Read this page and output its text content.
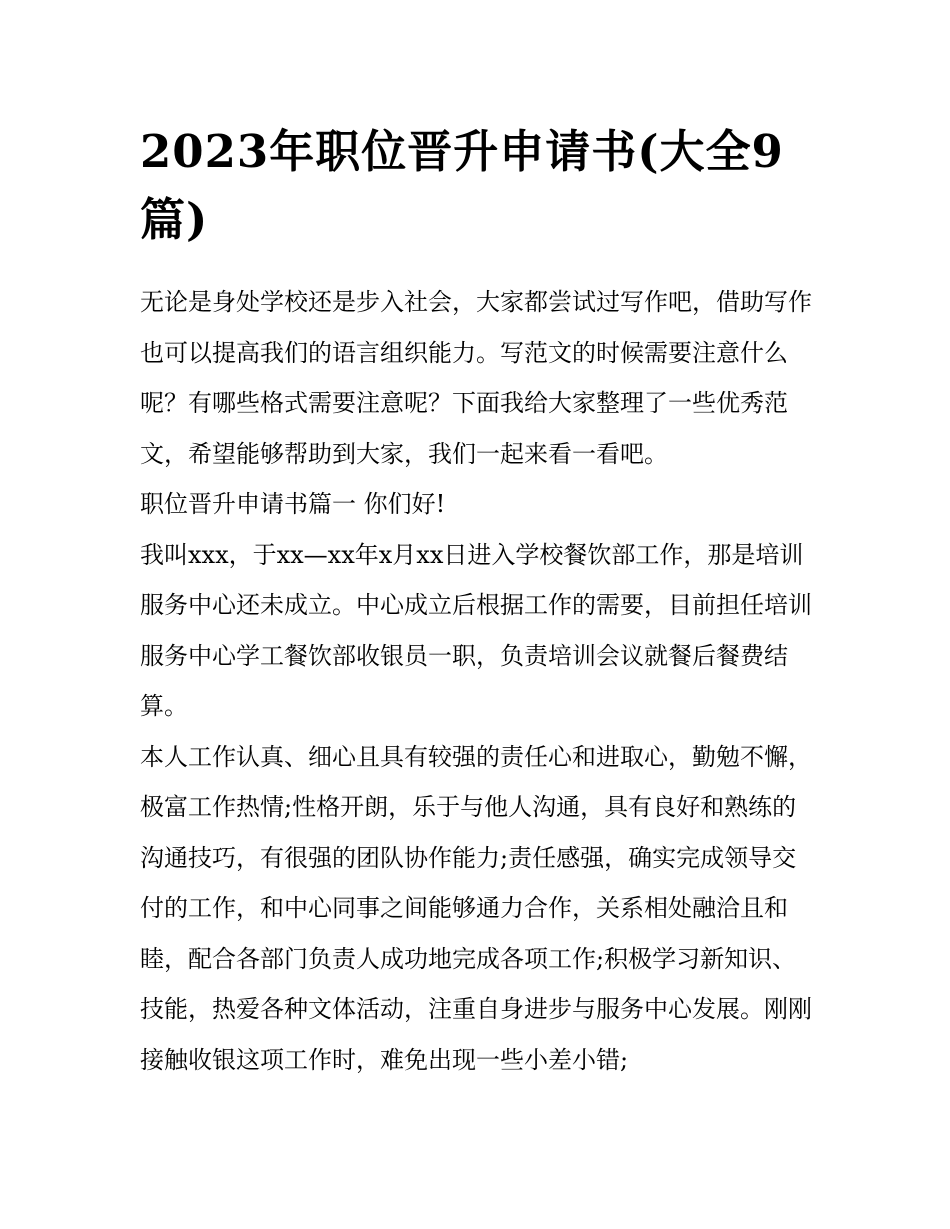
2023年职位晋升申请书(大全9篇)

无论是身处学校还是步入社会，大家都尝试过写作吧，借助写作也可以提高我们的语言组织能力。写范文的时候需要注意什么呢？有哪些格式需要注意呢？下面我给大家整理了一些优秀范文，希望能够帮助到大家，我们一起来看一看吧。

职位晋升申请书篇一 你们好!

我叫xxx，于xx—xx年x月xx日进入学校餐饮部工作，那是培训服务中心还未成立。中心成立后根据工作的需要，目前担任培训服务中心学工餐饮部收银员一职，负责培训会议就餐后餐费结算。

本人工作认真、细心且具有较强的责任心和进取心，勤勉不懈，极富工作热情;性格开朗，乐于与他人沟通，具有良好和熟练的沟通技巧，有很强的团队协作能力;责任感强，确实完成领导交付的工作，和中心同事之间能够通力合作，关系相处融洽且和睦，配合各部门负责人成功地完成各项工作;积极学习新知识、技能，热爱各种文体活动，注重自身进步与服务中心发展。刚刚接触收银这项工作时，难免出现一些小差小错;
